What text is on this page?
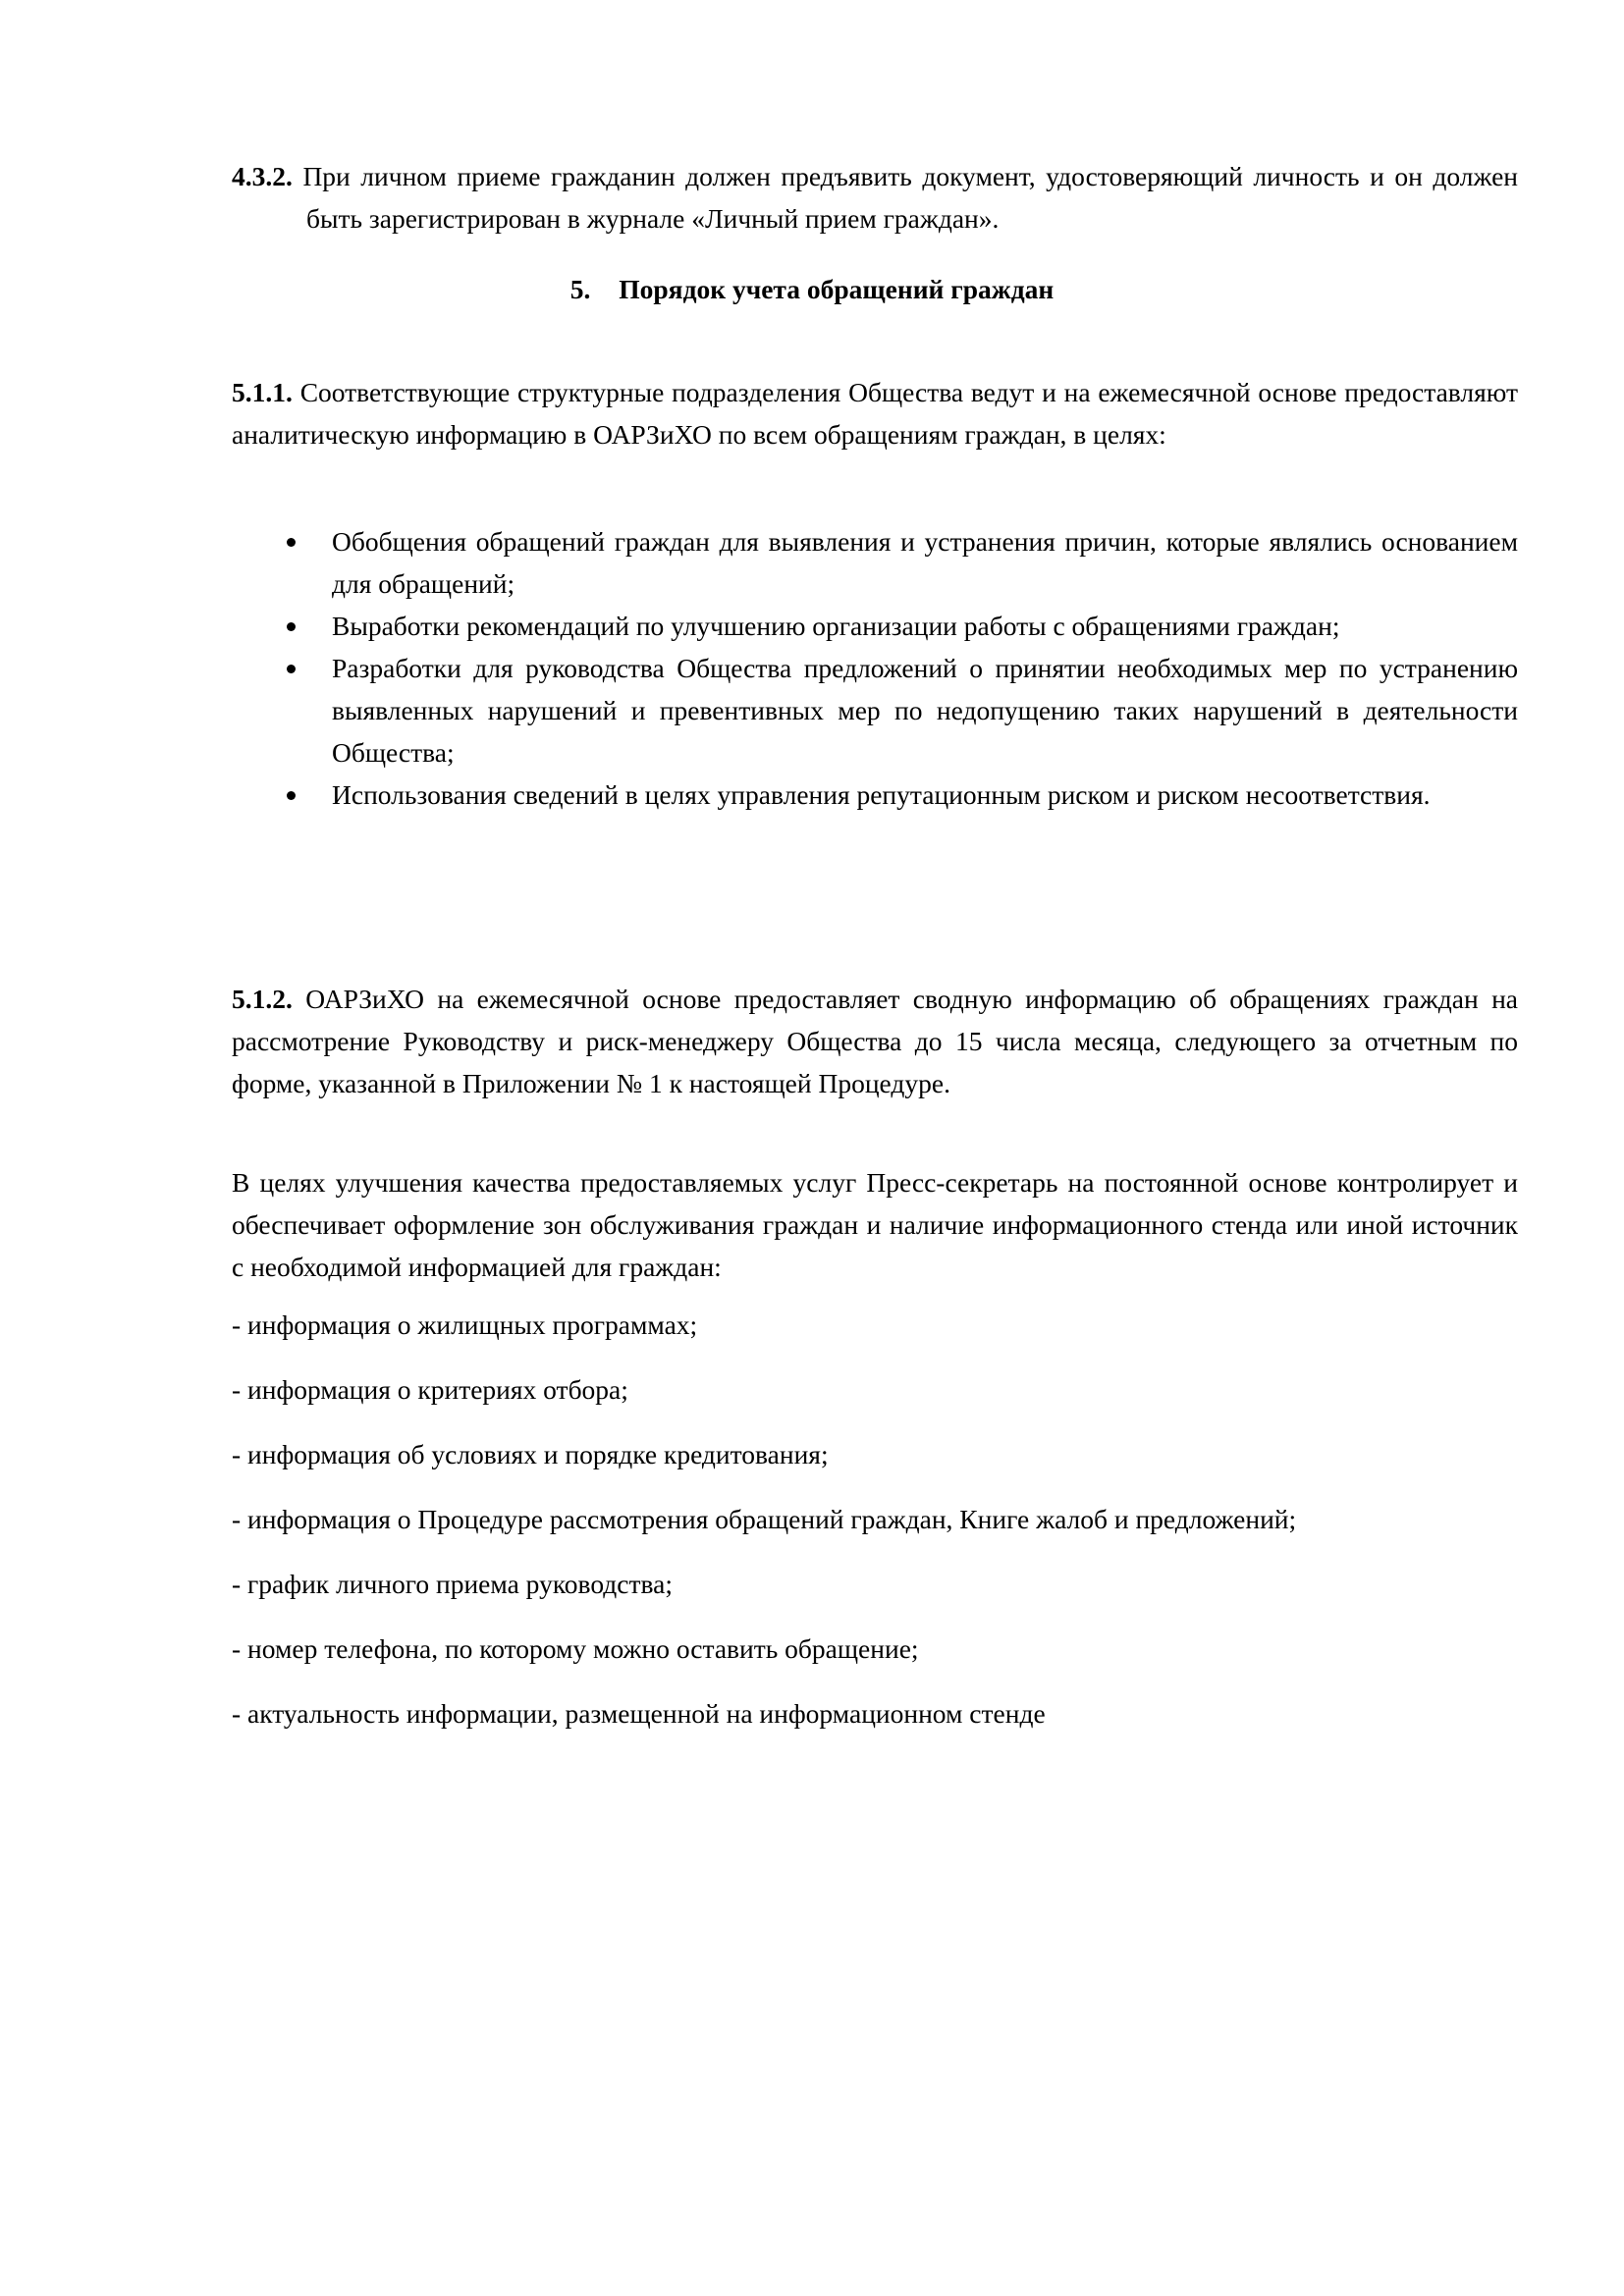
4.3.2. При личном приеме гражданин должен предъявить документ, удостоверяющий личность и он должен быть зарегистрирован в журнале «Личный прием граждан».
5. Порядок учета обращений граждан
5.1.1. Соответствующие структурные подразделения Общества ведут и на ежемесячной основе предоставляют аналитическую информацию в ОАРЗиХО по всем обращениям граждан, в целях:
Обобщения обращений граждан для выявления и устранения причин, которые являлись основанием для обращений;
Выработки рекомендаций по улучшению организации работы с обращениями граждан;
Разработки для руководства Общества предложений о принятии необходимых мер по устранению выявленных нарушений и превентивных мер по недопущению таких нарушений в деятельности Общества;
Использования сведений в целях управления репутационным риском и риском несоответствия.
5.1.2. ОАРЗиХО на ежемесячной основе предоставляет сводную информацию об обращениях граждан на рассмотрение Руководству и риск-менеджеру Общества до 15 числа месяца, следующего за отчетным по форме, указанной в Приложении № 1 к настоящей Процедуре.
В целях улучшения качества предоставляемых услуг Пресс-секретарь на постоянной основе контролирует и обеспечивает оформление зон обслуживания граждан и наличие информационного стенда или иной источник с необходимой информацией для граждан:
- информация о жилищных программах;
- информация о критериях отбора;
- информация об условиях и порядке кредитования;
- информация о Процедуре рассмотрения обращений граждан, Книге жалоб и предложений;
- график личного приема руководства;
- номер телефона, по которому можно оставить обращение;
- актуальность информации, размещенной на информационном стенде
